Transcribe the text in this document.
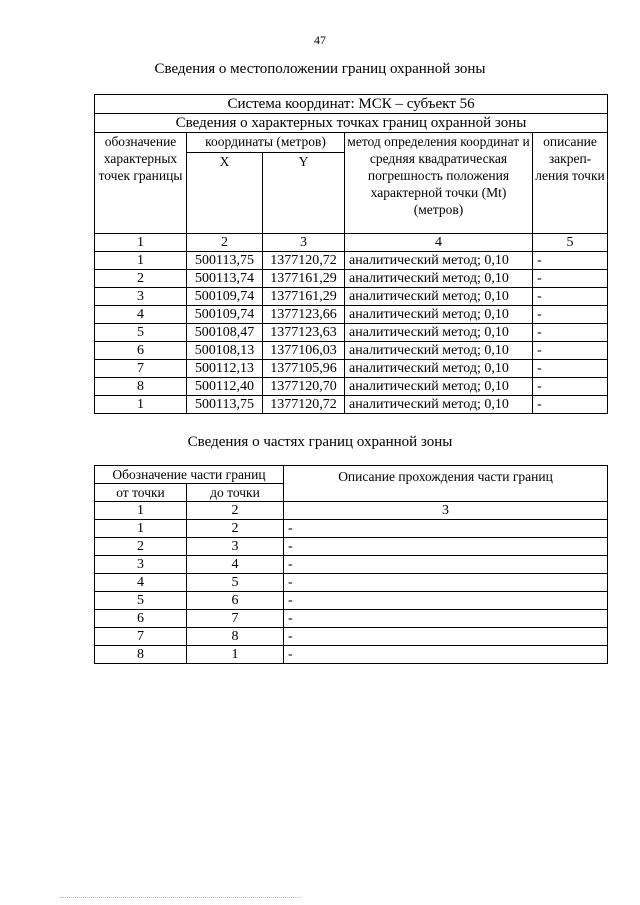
47
Сведения о местоположении границ охранной зоны
Система координат: МСК – субъект 56				
Сведения о характерных точках границ охранной зоны				
обозначение характерных точек границы	координаты (метров)		метод определения координат и средняя квадратическая погрешность положения характерной точки (Mt) (метров)	описание закреп-ления точки
	X	Y		
1	2	3	4	5
1	500113,75	1377120,72	аналитический метод; 0,10	-
2	500113,74	1377161,29	аналитический метод; 0,10	-
3	500109,74	1377161,29	аналитический метод; 0,10	-
4	500109,74	1377123,66	аналитический метод; 0,10	-
5	500108,47	1377123,63	аналитический метод; 0,10	-
6	500108,13	1377106,03	аналитический метод; 0,10	-
7	500112,13	1377105,96	аналитический метод; 0,10	-
8	500112,40	1377120,70	аналитический метод; 0,10	-
1	500113,75	1377120,72	аналитический метод; 0,10	-
Сведения о частях границ охранной зоны
Обозначение части границ		Описание прохождения части границ
от точки	до точки	
1	2	3
1	2	-
2	3	-
3	4	-
4	5	-
5	6	-
6	7	-
7	8	-
8	1	-
